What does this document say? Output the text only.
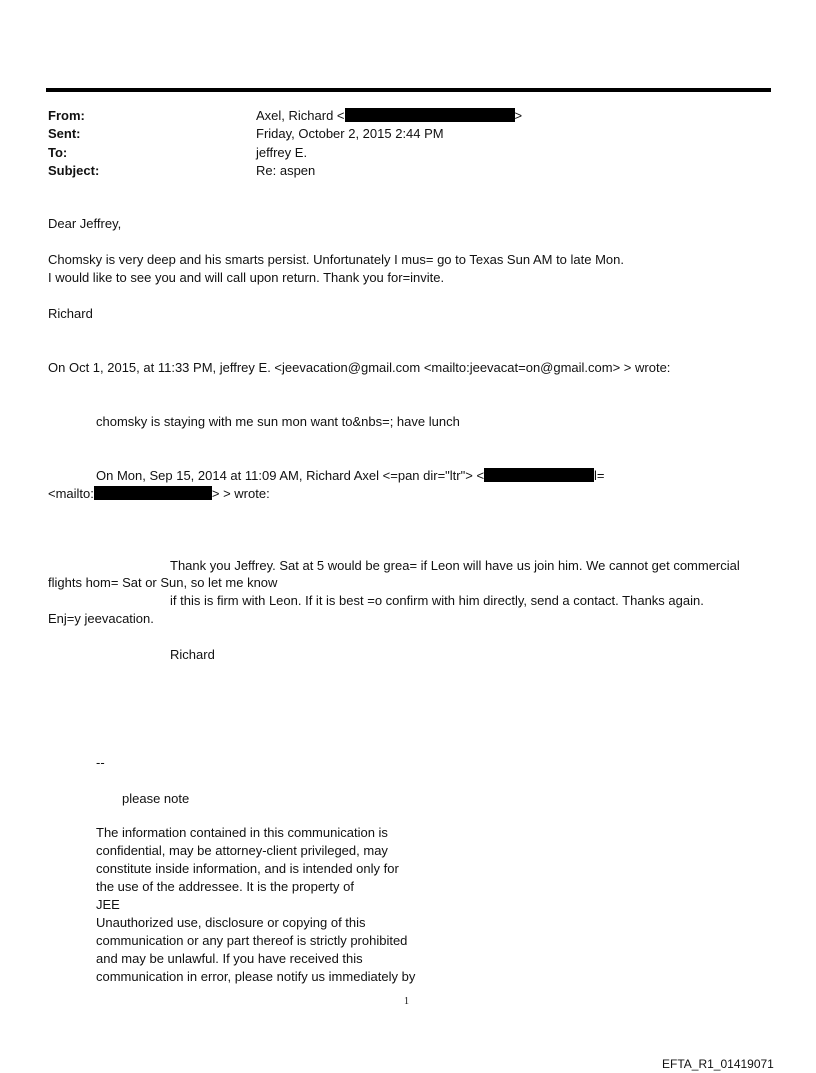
From:	Axel, Richard <	>
Sent:	Friday, October 2, 2015 2:44 PM
To:	jeffrey E.
Subject:	Re: aspen
Dear Jeffrey,
Chomsky is very deep and his smarts persist. Unfortunately I mus= go to Texas Sun AM to late Mon.
I would like to see you and will call upon return. Thank you for=invite.
Richard
On Oct 1, 2015, at 11:33 PM, jeffrey E. <jeevacation@gmail.com <mailto:jeevacat=on@gmail.com> > wrote:
chomsky is staying with me sun mon want to&nbs=; have lunch
On Mon, Sep 15, 2014 at 11:09 AM, Richard Axel <=pan dir="ltr"> <	l=
<mailto:	> > wrote:
Thank you Jeffrey. Sat at 5 would be grea= if Leon will have us join him. We cannot get commercial
flights hom= Sat or Sun, so let me know
if this is firm with Leon. If it is best =o confirm with him directly, send a contact. Thanks again.
Enj=y jeevacation.
Richard
--
please note
The information contained in this communication is
confidential, may be attorney-client privileged, may
constitute inside information, and is intended only for
the use of the addressee. It is the property of
JEE
Unauthorized use, disclosure or copying of this
communication or any part thereof is strictly prohibited
and may be unlawful. If you have received this
communication in error, please notify us immediately by
1
EFTA_R1_01419071
